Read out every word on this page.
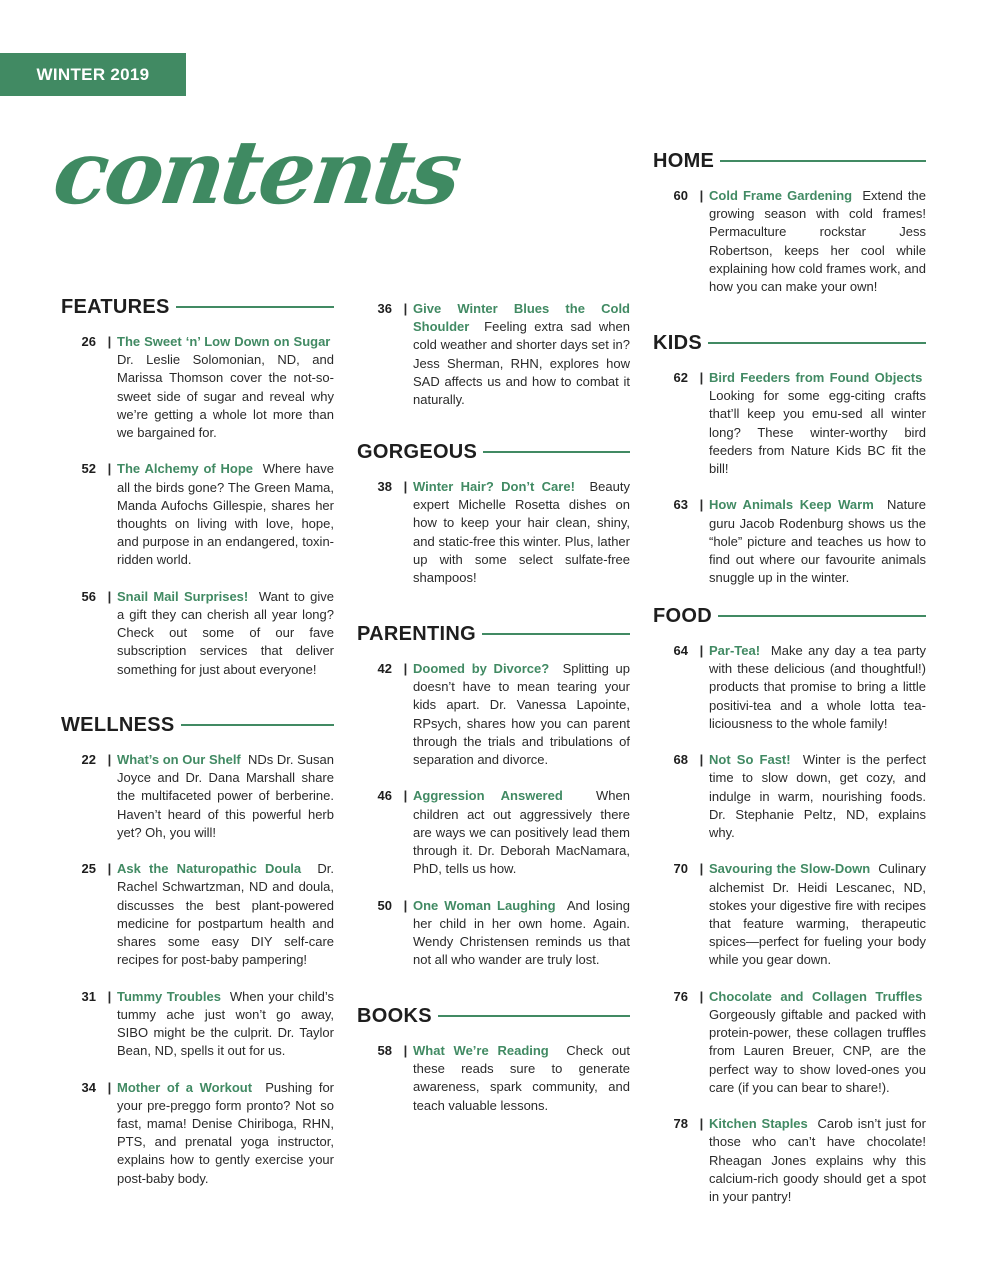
WINTER 2019
contents
FEATURES
26 | The Sweet ‘n’ Low Down on Sugar  Dr. Leslie Solomonian, ND, and Marissa Thomson cover the not-so-sweet side of sugar and reveal why we’re getting a whole lot more than we bargained for.
52 | The Alchemy of Hope Where have all the birds gone? The Green Mama, Manda Aufochs Gillespie, shares her thoughts on living with love, hope, and purpose in an endangered, toxin-ridden world.
56 | Snail Mail Surprises! Want to give a gift they can cherish all year long? Check out some of our fave subscription services that deliver something for just about everyone!
WELLNESS
22 | What’s on Our Shelf NDs Dr. Susan Joyce and Dr. Dana Marshall share the multifaceted power of berberine. Haven’t heard of this powerful herb yet? Oh, you will!
25 | Ask the Naturopathic Doula Dr. Rachel Schwartzman, ND and doula, discusses the best plant-powered medicine for postpartum health and shares some easy DIY self-care recipes for post-baby pampering!
31 | Tummy Troubles When your child’s tummy ache just won’t go away, SIBO might be the culprit. Dr. Taylor Bean, ND, spells it out for us.
34 | Mother of a Workout Pushing for your pre-preggo form pronto? Not so fast, mama! Denise Chiriboga, RHN, PTS, and prenatal yoga instructor, explains how to gently exercise your post-baby body.
36 | Give Winter Blues the Cold Shoulder Feeling extra sad when cold weather and shorter days set in? Jess Sherman, RHN, explores how SAD affects us and how to combat it naturally.
GORGEOUS
38 | Winter Hair? Don’t Care! Beauty expert Michelle Rosetta dishes on how to keep your hair clean, shiny, and static-free this winter. Plus, lather up with some select sulfate-free shampoos!
PARENTING
42 | Doomed by Divorce? Splitting up doesn’t have to mean tearing your kids apart. Dr. Vanessa Lapointe, RPsych, shares how you can parent through the trials and tribulations of separation and divorce.
46 | Aggression Answered	When children act out aggressively there are ways we can positively lead them through it. Dr. Deborah MacNamara, PhD, tells us how.
50 | One Woman Laughing And losing her child in her own home. Again. Wendy Christensen reminds us that not all who wander are truly lost.
BOOKS
58 | What We’re Reading Check out these reads sure to generate awareness, spark community, and teach valuable lessons.
HOME
60 | Cold Frame Gardening Extend the growing season with cold frames! Permaculture rockstar Jess Robertson, keeps her cool while explaining how cold frames work, and how you can make your own!
KIDS
62 | Bird Feeders from Found Objects  Looking for some egg-citing crafts that’ll keep you emu-sed all winter long? These winter-worthy bird feeders from Nature Kids BC fit the bill!
63 | How Animals Keep Warm Nature guru Jacob Rodenburg shows us the “hole” picture and teaches us how to find out where our favourite animals snuggle up in the winter.
FOOD
64 | Par-Tea! Make any day a tea party with these delicious (and thoughtful!) products that promise to bring a little positivi-tea and a whole lotta tea-liciousness to the whole family!
68 | Not So Fast! Winter is the perfect time to slow down, get cozy, and indulge in warm, nourishing foods. Dr. Stephanie Peltz, ND, explains why.
70 | Savouring the Slow-Down Culinary alchemist Dr. Heidi Lescanec, ND, stokes your digestive fire with recipes that feature warming, therapeutic spices—perfect for fueling your body while you gear down.
76 | Chocolate and Collagen Truffles  Gorgeously giftable and packed with protein-power, these collagen truffles from Lauren Breuer, CNP, are the perfect way to show loved-ones you care (if you can bear to share!).
78 | Kitchen Staples Carob isn’t just for those who can’t have chocolate! Rheagan Jones explains why this calcium-rich goody should get a spot in your pantry!
